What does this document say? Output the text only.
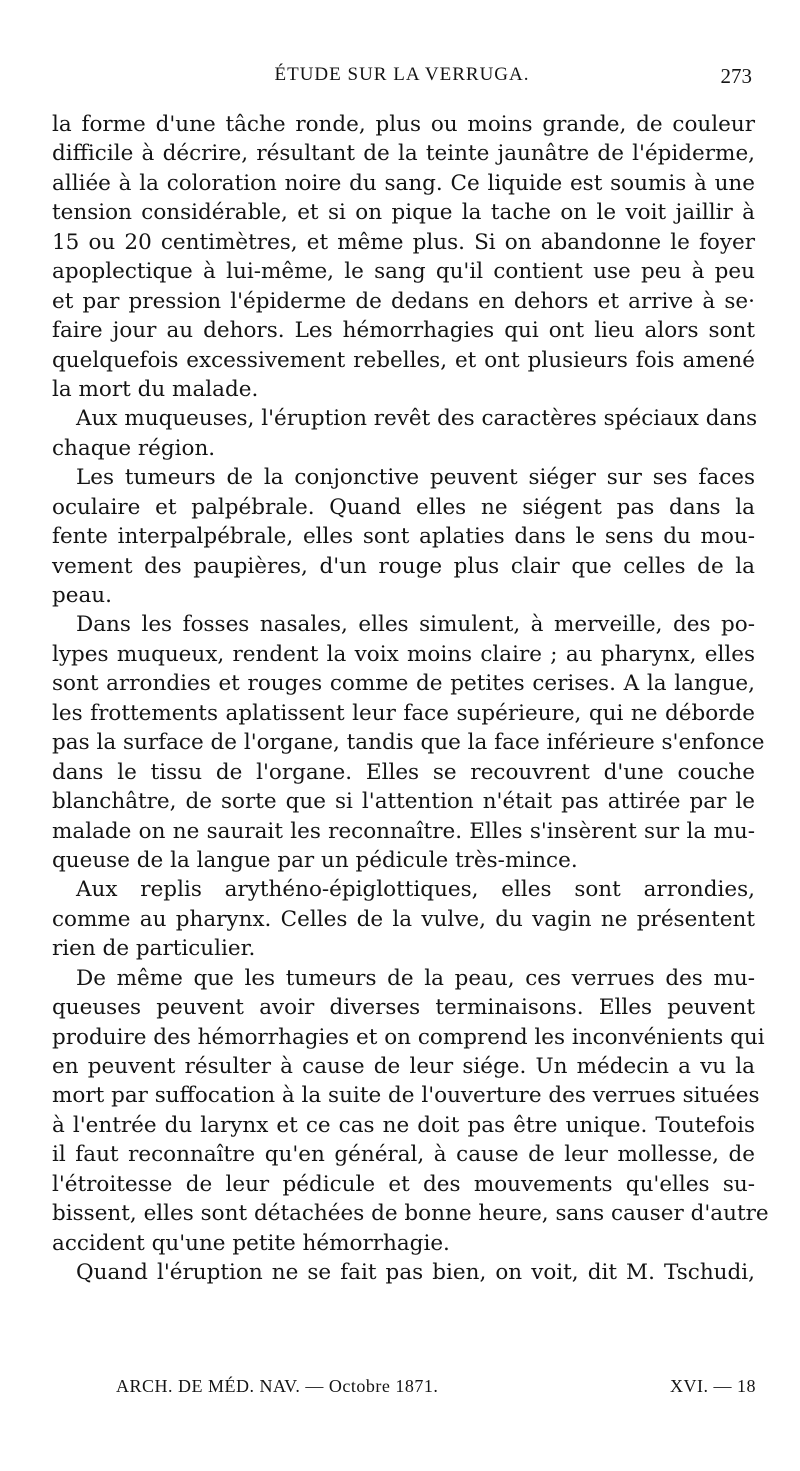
ÉTUDE SUR LA VERRUGA.	273
la forme d'une tâche ronde, plus ou moins grande, de couleur
difficile à décrire, résultant de la teinte jaunâtre de l'épiderme,
alliée à la coloration noire du sang. Ce liquide est soumis à une
tension considérable, et si on pique la tache on le voit jaillir à
15 ou 20 centimètres, et même plus. Si on abandonne le foyer
apoplectique à lui-même, le sang qu'il contient use peu à peu
et par pression l'épiderme de dedans en dehors et arrive à se·
faire jour au dehors. Les hémorrhagies qui ont lieu alors sont
quelquefois excessivement rebelles, et ont plusieurs fois amené
la mort du malade.
Aux muqueuses, l'éruption revêt des caractères spéciaux dans
chaque région.
Les tumeurs de la conjonctive peuvent siéger sur ses faces
oculaire et palpébrale. Quand elles ne siégent pas dans la
fente interpalpébrale, elles sont aplaties dans le sens du mou-
vement des paupières, d'un rouge plus clair que celles de la
peau.
Dans les fosses nasales, elles simulent, à merveille, des po-
lypes muqueux, rendent la voix moins claire ; au pharynx, elles
sont arrondies et rouges comme de petites cerises. A la langue,
les frottements aplatissent leur face supérieure, qui ne déborde
pas la surface de l'organe, tandis que la face inférieure s'enfonce
dans le tissu de l'organe. Elles se recouvrent d'une couche
blanchâtre, de sorte que si l'attention n'était pas attirée par le
malade on ne saurait les reconnaître. Elles s'insèrent sur la mu-
queuse de la langue par un pédicule très-mince.
Aux replis arythéno-épiglottiques, elles sont arrondies,
comme au pharynx. Celles de la vulve, du vagin ne présentent
rien de particulier.
De même que les tumeurs de la peau, ces verrues des mu-
queuses peuvent avoir diverses terminaisons. Elles peuvent
produire des hémorrhagies et on comprend les inconvénients qui
en peuvent résulter à cause de leur siége. Un médecin a vu la
mort par suffocation à la suite de l'ouverture des verrues situées
à l'entrée du larynx et ce cas ne doit pas être unique. Toutefois
il faut reconnaître qu'en général, à cause de leur mollesse, de
l'étroitesse de leur pédicule et des mouvements qu'elles su-
bissent, elles sont détachées de bonne heure, sans causer d'autre
accident qu'une petite hémorrhagie.
Quand l'éruption ne se fait pas bien, on voit, dit M. Tschudi,
ARCH. DE MÉD. NAV. — Octobre 1871.	XVI. — 18
